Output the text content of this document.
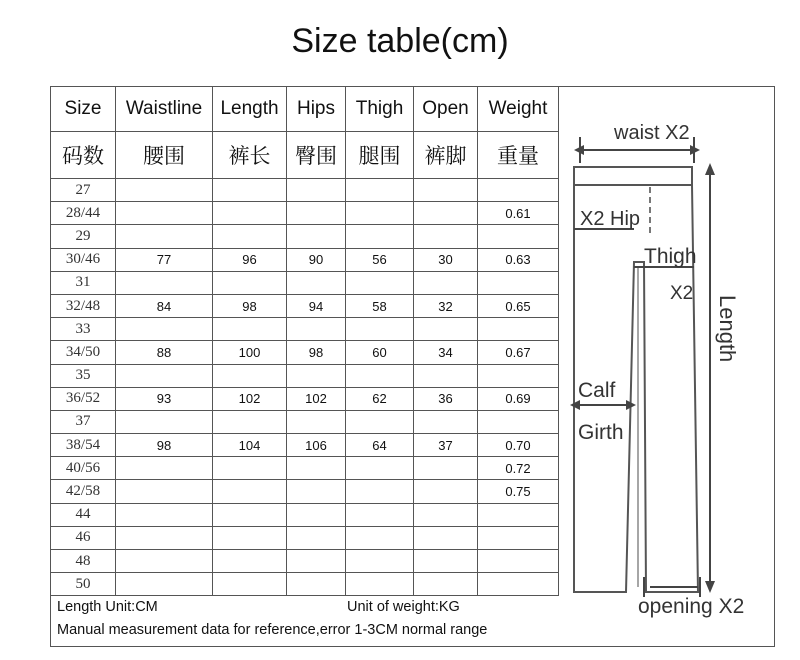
Size table(cm)
Size	Waistline	Length	Hips	Thigh	Open	Weight
码数	腰围	裤长	臀围	腿围	裤脚	重量
27						
28/44						0.61
29						
30/46	77	96	90	56	30	0.63
31						
32/48	84	98	94	58	32	0.65
33						
34/50	88	100	98	60	34	0.67
35						
36/52	93	102	102	62	36	0.69
37						
38/54	98	104	106	64	37	0.70
40/56						0.72
42/58						0.75
44						
46						
48						
50						
Length Unit:CM	Unit of weight:KG
Manual measurement data for reference,error 1-3CM normal range
waist X2
X2 Hip
Thigh
X2
Length
Calf
Girth
opening X2
